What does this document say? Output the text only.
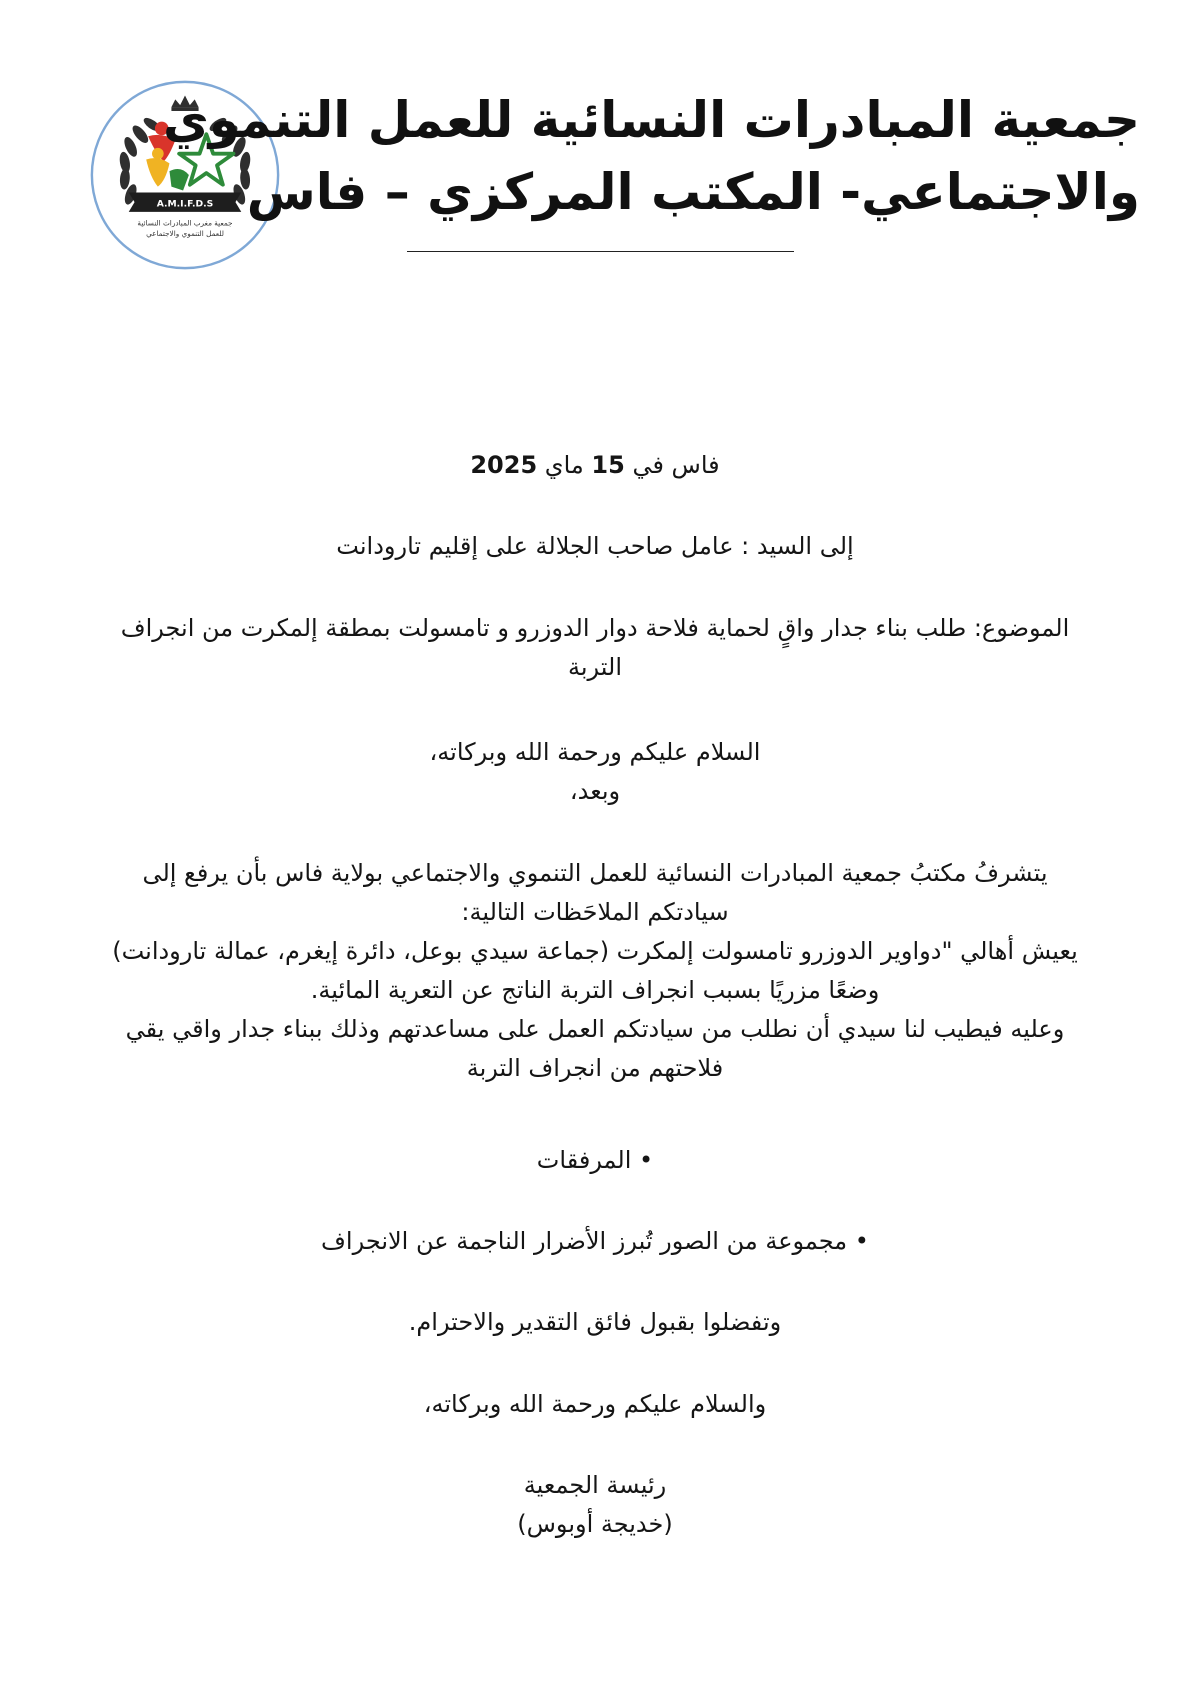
A.M.I.F.D.S
جمعية مغرب المبادرات النسائية
للعمل التنموي والاجتماعي
جمعية المبادرات النسائية للعمل التنموي
والاجتماعي- المكتب المركزي – فاس
فاس في 15 ماي 2025
إلى السيد : عامل صاحب الجلالة على إقليم تارودانت
الموضوع: طلب بناء جدار واقٍ لحماية فلاحة دوار الدوزرو و تامسولت بمطقة إلمكرت من انجراف
التربة
السلام عليكم ورحمة الله وبركاته،
وبعد،
يتشرفُ مكتبُ جمعية المبادرات النسائية للعمل التنموي والاجتماعي بولاية فاس بأن يرفع إلى
سيادتكم الملاحَظات التالية:
يعيش أهالي "دواوير الدوزرو تامسولت إلمكرت (جماعة سيدي بوعل، دائرة إيغرم، عمالة تارودانت)
وضعًا مزريًا بسبب انجراف التربة الناتج عن التعرية المائية.
وعليه فيطيب لنا سيدي أن نطلب من سيادتكم العمل على مساعدتهم وذلك ببناء جدار واقي يقي
فلاحتهم من انجراف التربة
• المرفقات
• مجموعة من الصور تُبرز الأضرار الناجمة عن الانجراف
وتفضلوا بقبول فائق التقدير والاحترام.
والسلام عليكم ورحمة الله وبركاته،
رئيسة الجمعية
(خديجة أوبوس)
